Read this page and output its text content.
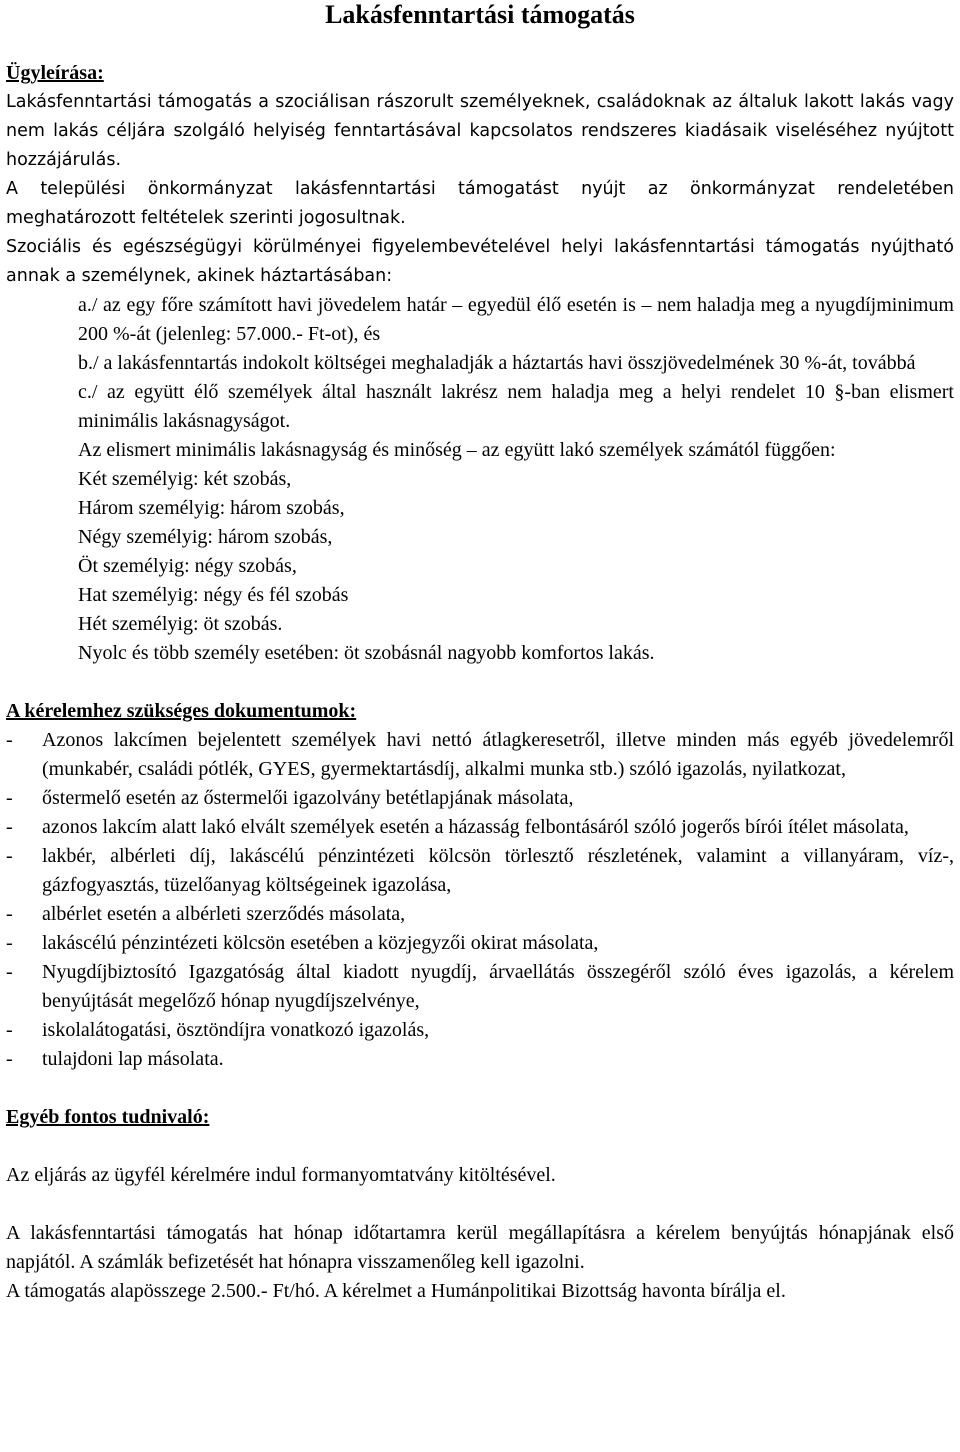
Lakásfenntartási támogatás

Ügyleírása:

Lakásfenntartási támogatás a szociálisan rászorult személyeknek, családoknak az általuk lakott lakás vagy nem lakás céljára szolgáló helyiség fenntartásával kapcsolatos rendszeres kiadásaik viseléséhez nyújtott hozzájárulás.

A települési önkormányzat lakásfenntartási támogatást nyújt az önkormányzat rendeletében meghatározott feltételek szerinti jogosultnak.

Szociális és egészségügyi körülményei figyelembevételével helyi lakásfenntartási támogatás nyújtható annak a személynek, akinek háztartásában:

a./ az egy főre számított havi jövedelem határ – egyedül élő esetén is – nem haladja meg a nyugdíjminimum 200 %-át (jelenleg: 57.000.- Ft-ot), és
b./ a lakásfenntartás indokolt költségei meghaladják a háztartás havi összjövedelmének 30 %-át, továbbá
c./ az együtt élő személyek által használt lakrész nem haladja meg a helyi rendelet 10 §-ban elismert minimális lakásnagyságot.
Az elismert minimális lakásnagyság és minőség – az együtt lakó személyek számától függően:
Két személyig: két szobás,
Három személyig: három szobás,
Négy személyig: három szobás,
Öt személyig: négy szobás,
Hat személyig: négy és fél szobás
Hét személyig: öt szobás.
Nyolc és több személy esetében: öt szobásnál nagyobb komfortos lakás.

A kérelemhez szükséges dokumentumok:

- Azonos lakcímen bejelentett személyek havi nettó átlagkeresetről, illetve minden más egyéb jövedelemről (munkabér, családi pótlék, GYES, gyermektartásdíj, alkalmi munka stb.) szóló igazolás, nyilatkozat,
- őstermelő esetén az őstermelői igazolvány betétlapjának másolata,
- azonos lakcím alatt lakó elvált személyek esetén a házasság felbontásáról szóló jogerős bírói ítélet másolata,
- lakbér, albérleti díj, lakáscélú pénzintézeti kölcsön törlesztő részletének, valamint a villanyáram, víz-, gázfogyasztás, tüzelőanyag költségeinek igazolása,
- albérlet esetén a albérleti szerződés másolata,
- lakáscélú pénzintézeti kölcsön esetében a közjegyzői okirat másolata,
- Nyugdíjbiztosító Igazgatóság által kiadott nyugdíj, árvaellátás összegéről szóló éves igazolás, a kérelem benyújtását megelőző hónap nyugdíjszelvénye,
- iskolalátogatási, ösztöndíjra vonatkozó igazolás,
- tulajdoni lap másolata.

Egyéb fontos tudnivaló:

Az eljárás az ügyfél kérelmére indul formanyomtatvány kitöltésével.

A lakásfenntartási támogatás hat hónap időtartamra kerül megállapításra a kérelem benyújtás hónapjának első napjától. A számlák befizetését hat hónapra visszamenőleg kell igazolni.

A támogatás alapösszege 2.500.- Ft/hó. A kérelmet a Humánpolitikai Bizottság havonta bírálja el.
